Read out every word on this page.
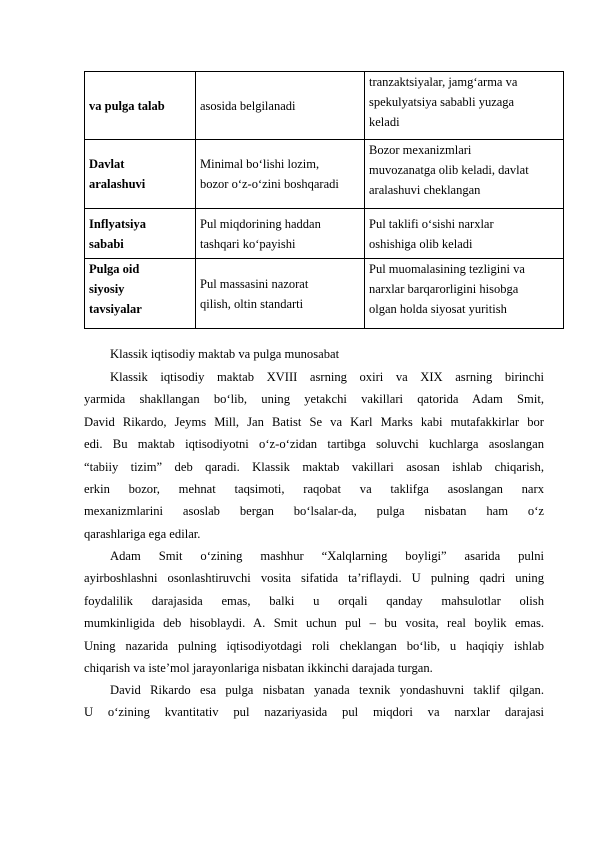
va pulga talab	asosida belgilanadi	tranzaktsiyalar, jamg‘arma va
spekulyatsiya sababli yuzaga
keladi

Davlat
aralashuvi	Minimal bo‘lishi lozim,
bozor o‘z-o‘zini boshqaradi	Bozor mexanizmlari
muvozanatga olib keladi, davlat
aralashuvi cheklangan

Inflyatsiya
sababi	Pul miqdorining haddan
tashqari ko‘payishi	Pul taklifi o‘sishi narxlar
oshishiga olib keladi

Pulga oid
siyosiy
tavsiyalar	Pul massasini nazorat
qilish, oltin standarti	Pul muomalasining tezligini va
narxlar barqarorligini hisobga
olgan holda siyosat yuritish
Klassik iqtisodiy maktab va pulga munosabat
Klassik iqtisodiy maktab XVIII asrning oxiri va XIX asrning birinchi
yarmida shakllangan bo‘lib, uning yetakchi vakillari qatorida Adam Smit,
David Rikardo, Jeyms Mill, Jan Batist Se va Karl Marks kabi mutafakkirlar bor
edi. Bu maktab iqtisodiyotni o‘z-o‘zidan tartibga soluvchi kuchlarga asoslangan
“tabiiy tizim” deb qaradi. Klassik maktab vakillari asosan ishlab chiqarish,
erkin bozor, mehnat taqsimoti, raqobat va taklifga asoslangan narx
mexanizmlarini asoslab bergan bo‘lsalar-da, pulga nisbatan ham o‘z
qarashlariga ega edilar.
Adam Smit o‘zining mashhur “Xalqlarning boyligi” asarida pulni
ayirboshlashni osonlashtiruvchi vosita sifatida ta’riflaydi. U pulning qadri uning
foydalilik darajasida emas, balki u orqali qanday mahsulotlar olish
mumkinligida deb hisoblaydi. A. Smit uchun pul – bu vosita, real boylik emas.
Uning nazarida pulning iqtisodiyotdagi roli cheklangan bo‘lib, u haqiqiy ishlab
chiqarish va iste’mol jarayonlariga nisbatan ikkinchi darajada turgan.
David Rikardo esa pulga nisbatan yanada texnik yondashuvni taklif qilgan.
U o‘zining kvantitativ pul nazariyasida pul miqdori va narxlar darajasi
